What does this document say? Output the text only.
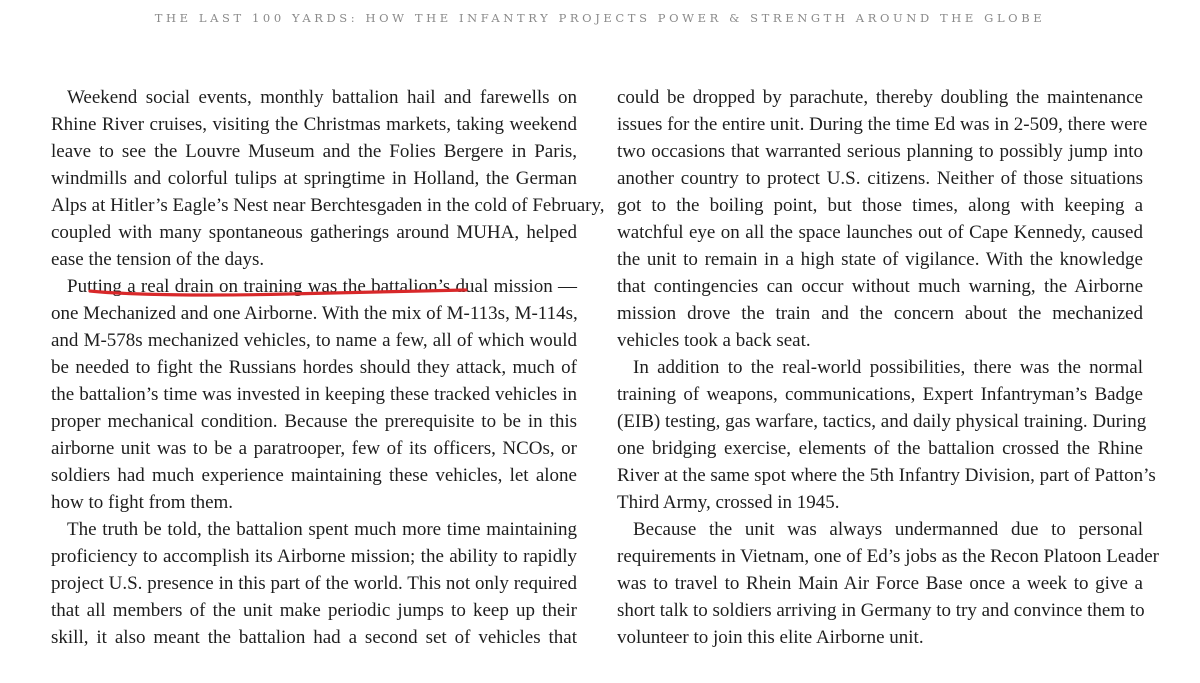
THE LAST 100 YARDS: HOW THE INFANTRY PROJECTS POWER & STRENGTH AROUND THE GLOBE
Weekend social events, monthly battalion hail and farewells on
Rhine River cruises, visiting the Christmas markets, taking weekend
leave to see the Louvre Museum and the Folies Bergere in Paris,
windmills and colorful tulips at springtime in Holland, the German
Alps at Hitler’s Eagle’s Nest near Berchtesgaden in the cold of February,
coupled with many spontaneous gatherings around MUHA, helped
ease the tension of the days.
Putting a real drain on training was the battalion’s dual mission —
one Mechanized and one Airborne. With the mix of M-113s, M-114s,
and M-578s mechanized vehicles, to name a few, all of which would
be needed to fight the Russians hordes should they attack, much of
the battalion’s time was invested in keeping these tracked vehicles in
proper mechanical condition. Because the prerequisite to be in this
airborne unit was to be a paratrooper, few of its officers, NCOs, or
soldiers had much experience maintaining these vehicles, let alone
how to fight from them.
The truth be told, the battalion spent much more time maintaining
proficiency to accomplish its Airborne mission; the ability to rapidly
project U.S. presence in this part of the world. This not only required
that all members of the unit make periodic jumps to keep up their
skill, it also meant the battalion had a second set of vehicles that
could be dropped by parachute, thereby doubling the maintenance
issues for the entire unit. During the time Ed was in 2-509, there were
two occasions that warranted serious planning to possibly jump into
another country to protect U.S. citizens. Neither of those situations
got to the boiling point, but those times, along with keeping a
watchful eye on all the space launches out of Cape Kennedy, caused
the unit to remain in a high state of vigilance. With the knowledge
that contingencies can occur without much warning, the Airborne
mission drove the train and the concern about the mechanized
vehicles took a back seat.
In addition to the real-world possibilities, there was the normal
training of weapons, communications, Expert Infantryman’s Badge
(EIB) testing, gas warfare, tactics, and daily physical training. During
one bridging exercise, elements of the battalion crossed the Rhine
River at the same spot where the 5th Infantry Division, part of Patton’s
Third Army, crossed in 1945.
Because the unit was always undermanned due to personal
requirements in Vietnam, one of Ed’s jobs as the Recon Platoon Leader
was to travel to Rhein Main Air Force Base once a week to give a
short talk to soldiers arriving in Germany to try and convince them to
volunteer to join this elite Airborne unit.
